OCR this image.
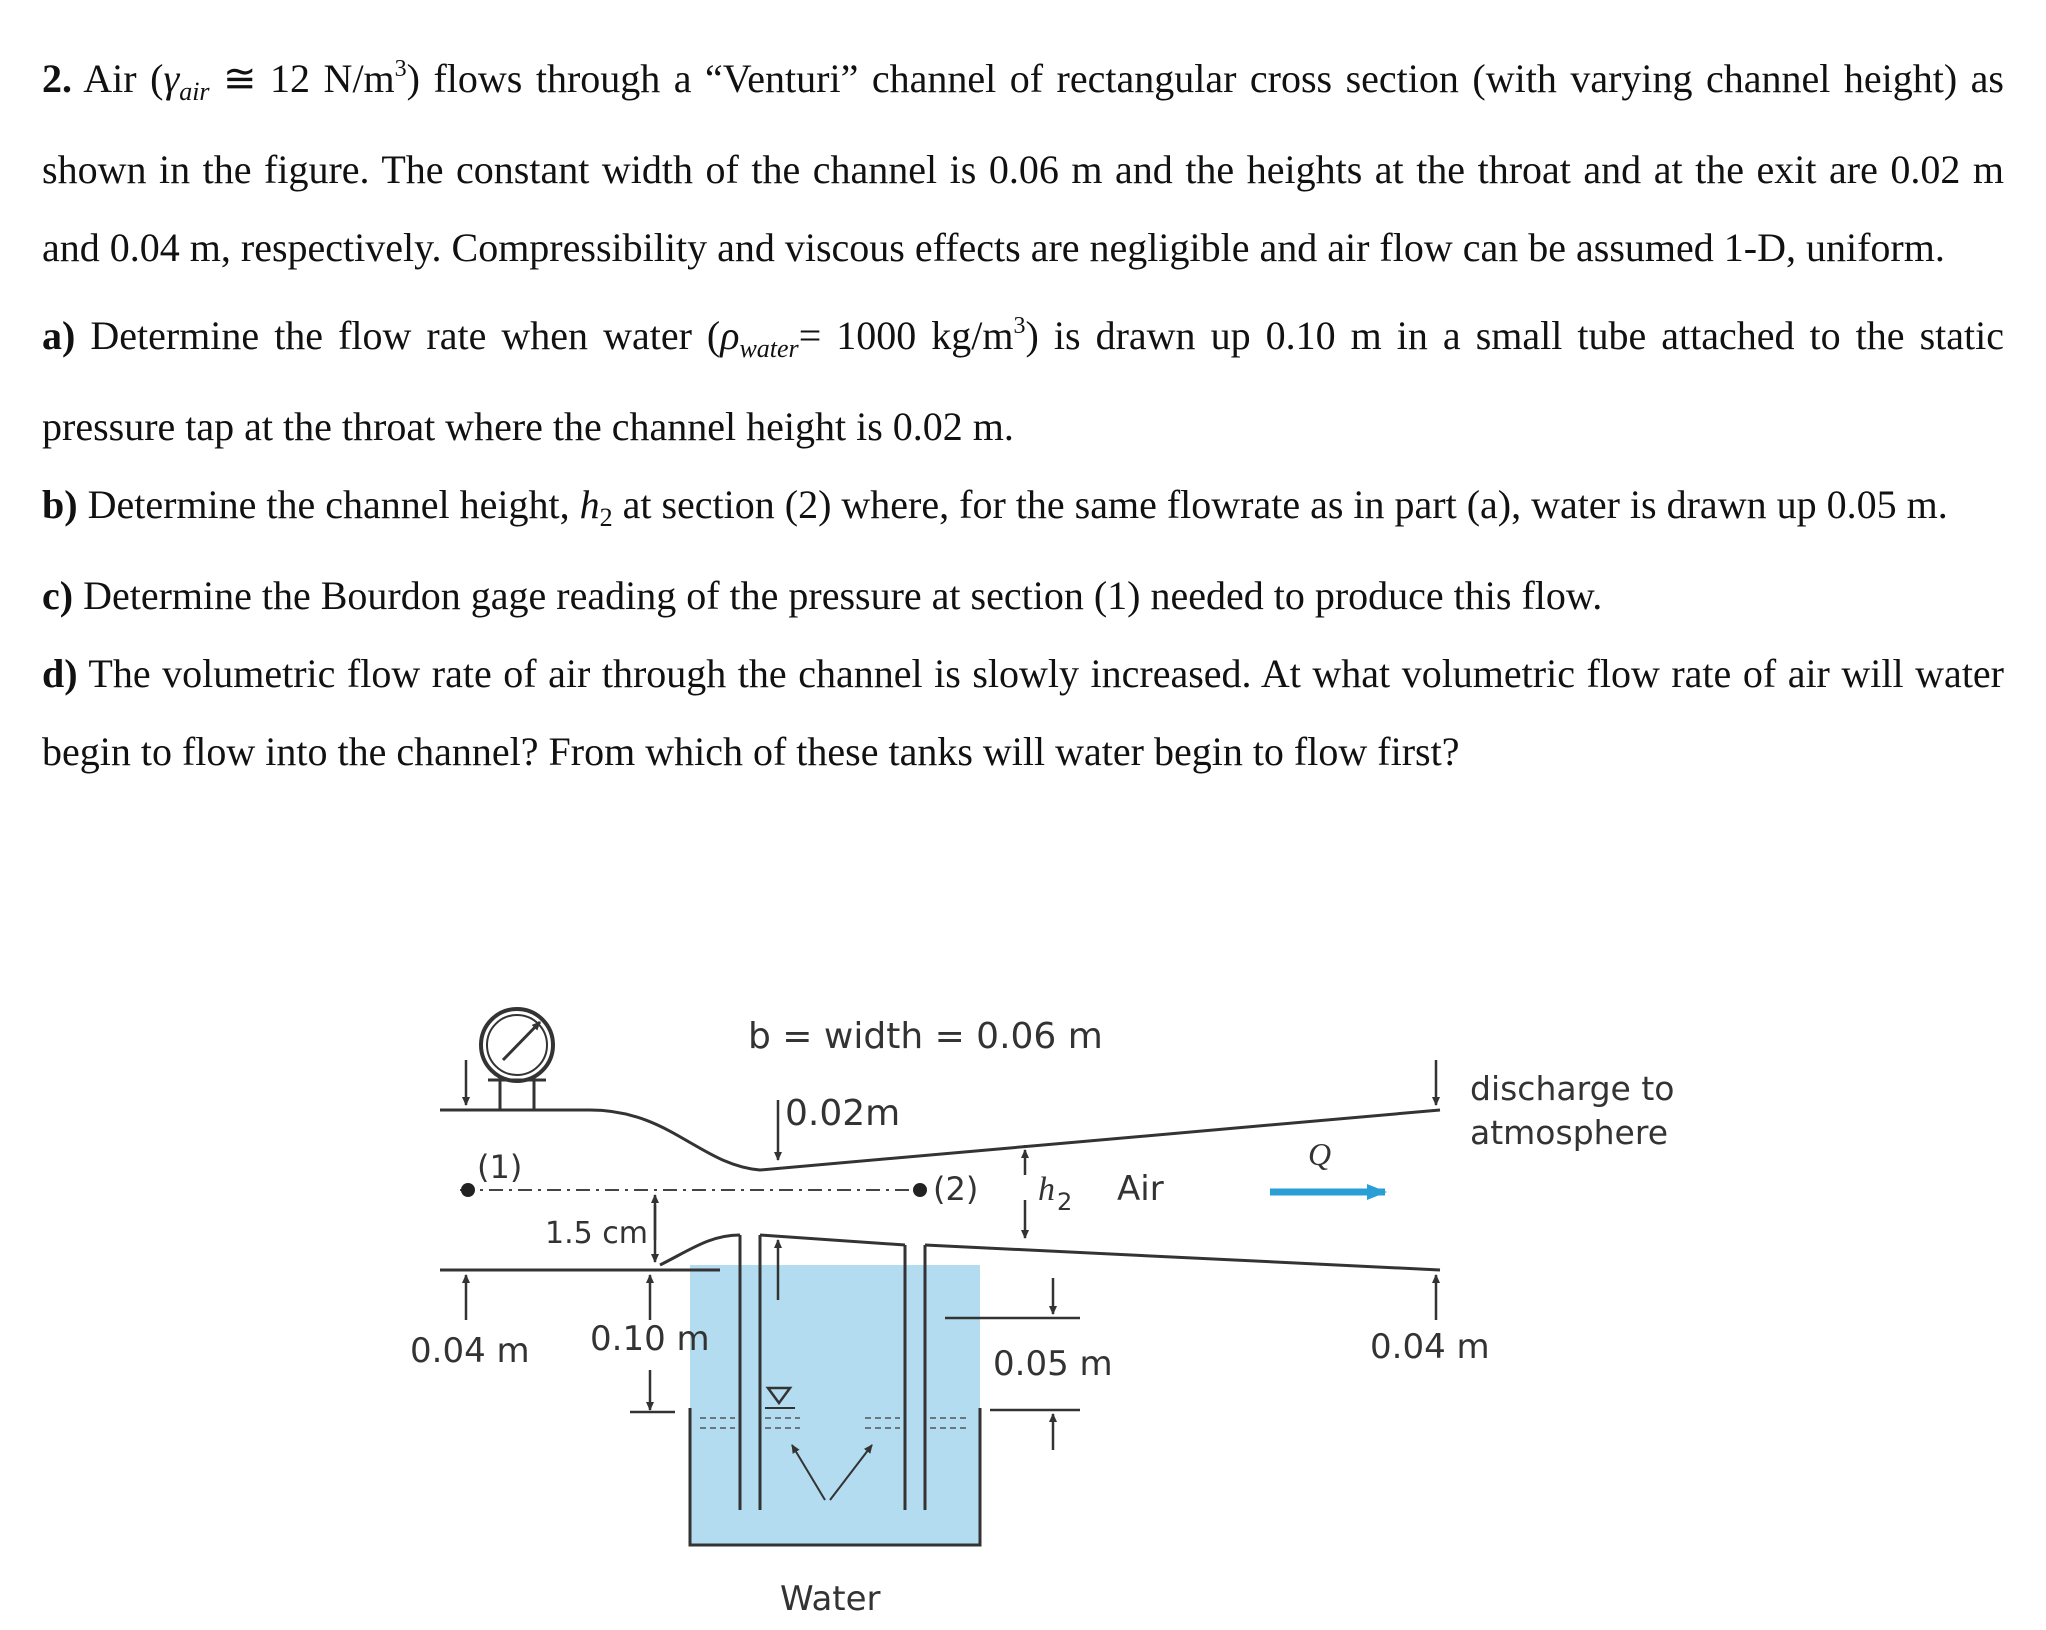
2. Air ($\gamma_{air}$ ≅ 12 $N/m^3$) flows through a “Venturi” channel of rectangular cross section (with varying channel height) as shown in the figure. The constant width of the channel is 0.06 m and the heights at the throat and at the exit are 0.02 m and 0.04 m, respectively. Compressibility and viscous effects are negligible and air flow can be assumed 1-D, uniform.

a) Determine the flow rate when water ($\rho_{water}= 1000$ $kg/m^3$) is drawn up 0.10 m in a small tube attached to the static pressure tap at the throat where the channel height is 0.02 m.

b) Determine the channel height, $h_2$ at section (2) where, for the same flowrate as in part (a), water is drawn up 0.05 m.

c) Determine the Bourdon gage reading of the pressure at section (1) needed to produce this flow.

d) The volumetric flow rate of air through the channel is slowly increased. At what volumetric flow rate of air will water begin to flow into the channel? From which of these tanks will water begin to flow first?

b = width = 0.06 m
0.02m
(1)
(2) h 2 Air
Q
discharge to
atmosphere
1.5 cm
0.04 m 0.10 m
0.05 m	0.04 m
Water
